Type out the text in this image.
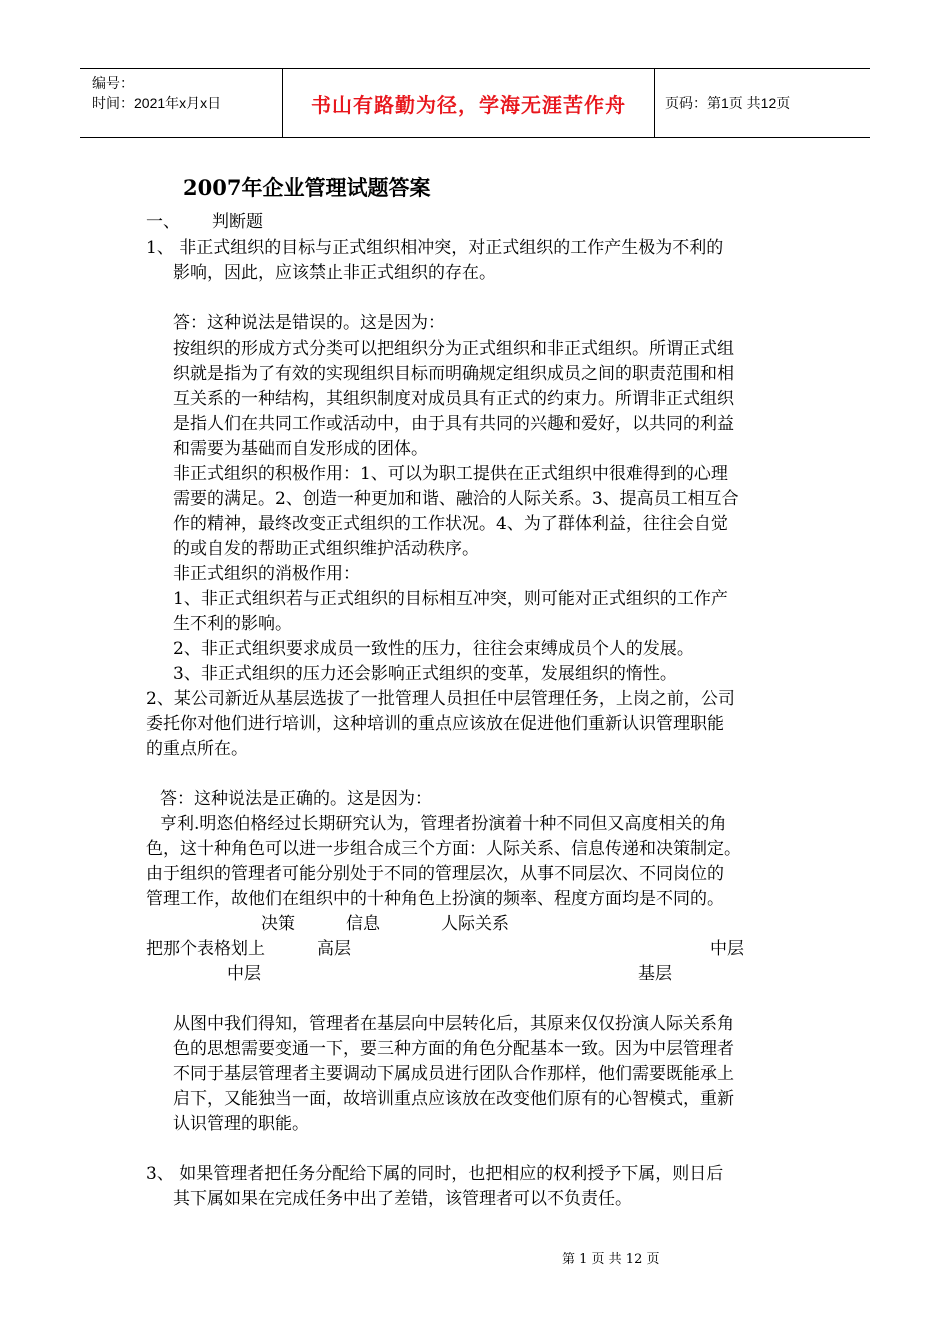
编号：
时间：2021年x月x日	书山有路勤为径，学海无涯苦作舟	页码：第1页 共12页
2007年企业管理试题答案
一、 判断题
1、 非正式组织的目标与正式组织相冲突，对正式组织的工作产生极为不利的
影响，因此，应该禁止非正式组织的存在。
答：这种说法是错误的。这是因为：
按组织的形成方式分类可以把组织分为正式组织和非正式组织。所谓正式组
织就是指为了有效的实现组织目标而明确规定组织成员之间的职责范围和相
互关系的一种结构，其组织制度对成员具有正式的约束力。所谓非正式组织
是指人们在共同工作或活动中，由于具有共同的兴趣和爱好，以共同的利益
和需要为基础而自发形成的团体。
非正式组织的积极作用：1、可以为职工提供在正式组织中很难得到的心理
需要的满足。2、创造一种更加和谐、融洽的人际关系。3、提高员工相互合
作的精神，最终改变正式组织的工作状况。4、为了群体利益，往往会自觉
的或自发的帮助正式组织维护活动秩序。
非正式组织的消极作用：
1、非正式组织若与正式组织的目标相互冲突，则可能对正式组织的工作产
生不利的影响。
2、非正式组织要求成员一致性的压力，往往会束缚成员个人的发展。
3、非正式组织的压力还会影响正式组织的变革，发展组织的惰性。
2、某公司新近从基层选拔了一批管理人员担任中层管理任务，上岗之前，公司
委托你对他们进行培训，这种培训的重点应该放在促进他们重新认识管理职能
的重点所在。
答：这种说法是正确的。这是因为：
亨利.明恣伯格经过长期研究认为，管理者扮演着十种不同但又高度相关的角
色，这十种角色可以进一步组合成三个方面：人际关系、信息传递和决策制定。
由于组织的管理者可能分别处于不同的管理层次，从事不同层次、不同岗位的
管理工作，故他们在组织中的十种角色上扮演的频率、程度方面均是不同的。
决策	信息	人际关系
把那个表格划上	高层	中层
中层	基层
从图中我们得知，管理者在基层向中层转化后，其原来仅仅扮演人际关系角
色的思想需要变通一下，要三种方面的角色分配基本一致。因为中层管理者
不同于基层管理者主要调动下属成员进行团队合作那样，他们需要既能承上
启下，又能独当一面，故培训重点应该放在改变他们原有的心智模式，重新
认识管理的职能。
3、 如果管理者把任务分配给下属的同时，也把相应的权利授予下属，则日后
其下属如果在完成任务中出了差错，该管理者可以不负责任。
第 1 页 共 12 页
